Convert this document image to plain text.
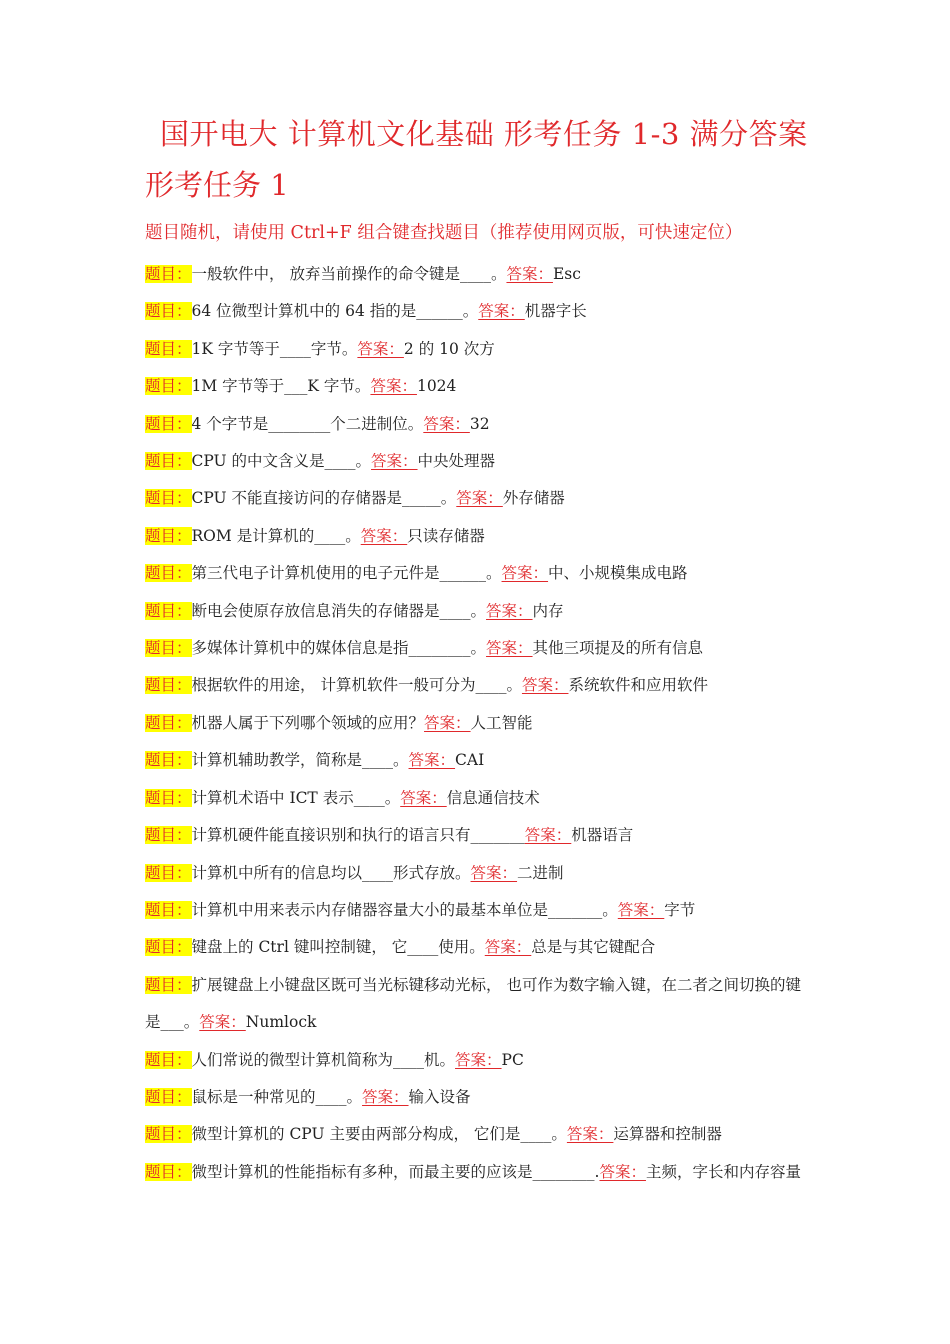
国开电大 计算机文化基础 形考任务 1-3 满分答案
形考任务 1
题目随机，请使用 Ctrl+F 组合键查找题目（推荐使用网页版，可快速定位）
题目：一般软件中， 放弃当前操作的命令键是____。答案：Esc
题目：64 位微型计算机中的 64 指的是______。答案：机器字长
题目：1K 字节等于____字节。答案：2 的 10 次方
题目：1M 字节等于___K 字节。答案：1024
题目：4 个字节是________个二进制位。答案：32
题目：CPU 的中文含义是____。答案：中央处理器
题目：CPU 不能直接访问的存储器是_____。答案：外存储器
题目：ROM 是计算机的____。答案：只读存储器
题目：第三代电子计算机使用的电子元件是______。答案：中、小规模集成电路
题目：断电会使原存放信息消失的存储器是____。答案：内存
题目：多媒体计算机中的媒体信息是指________。答案：其他三项提及的所有信息
题目：根据软件的用途， 计算机软件一般可分为____。答案：系统软件和应用软件
题目：机器人属于下列哪个领域的应用？答案：人工智能
题目：计算机辅助教学，简称是____。答案：CAI
题目：计算机术语中 ICT 表示____。答案：信息通信技术
题目：计算机硬件能直接识别和执行的语言只有_______答案：机器语言
题目：计算机中所有的信息均以____形式存放。答案：二进制
题目：计算机中用来表示内存储器容量大小的最基本单位是_______。答案：字节
题目：键盘上的 Ctrl 键叫控制键， 它____使用。答案：总是与其它键配合
题目：扩展键盘上小键盘区既可当光标键移动光标， 也可作为数字输入键，在二者之间切换的键是___。答案：Numlock
题目：人们常说的微型计算机简称为____机。答案：PC
题目：鼠标是一种常见的____。答案：输入设备
题目：微型计算机的 CPU 主要由两部分构成， 它们是____。答案：运算器和控制器
题目：微型计算机的性能指标有多种，而最主要的应该是________.答案：主频，字长和内存容量
